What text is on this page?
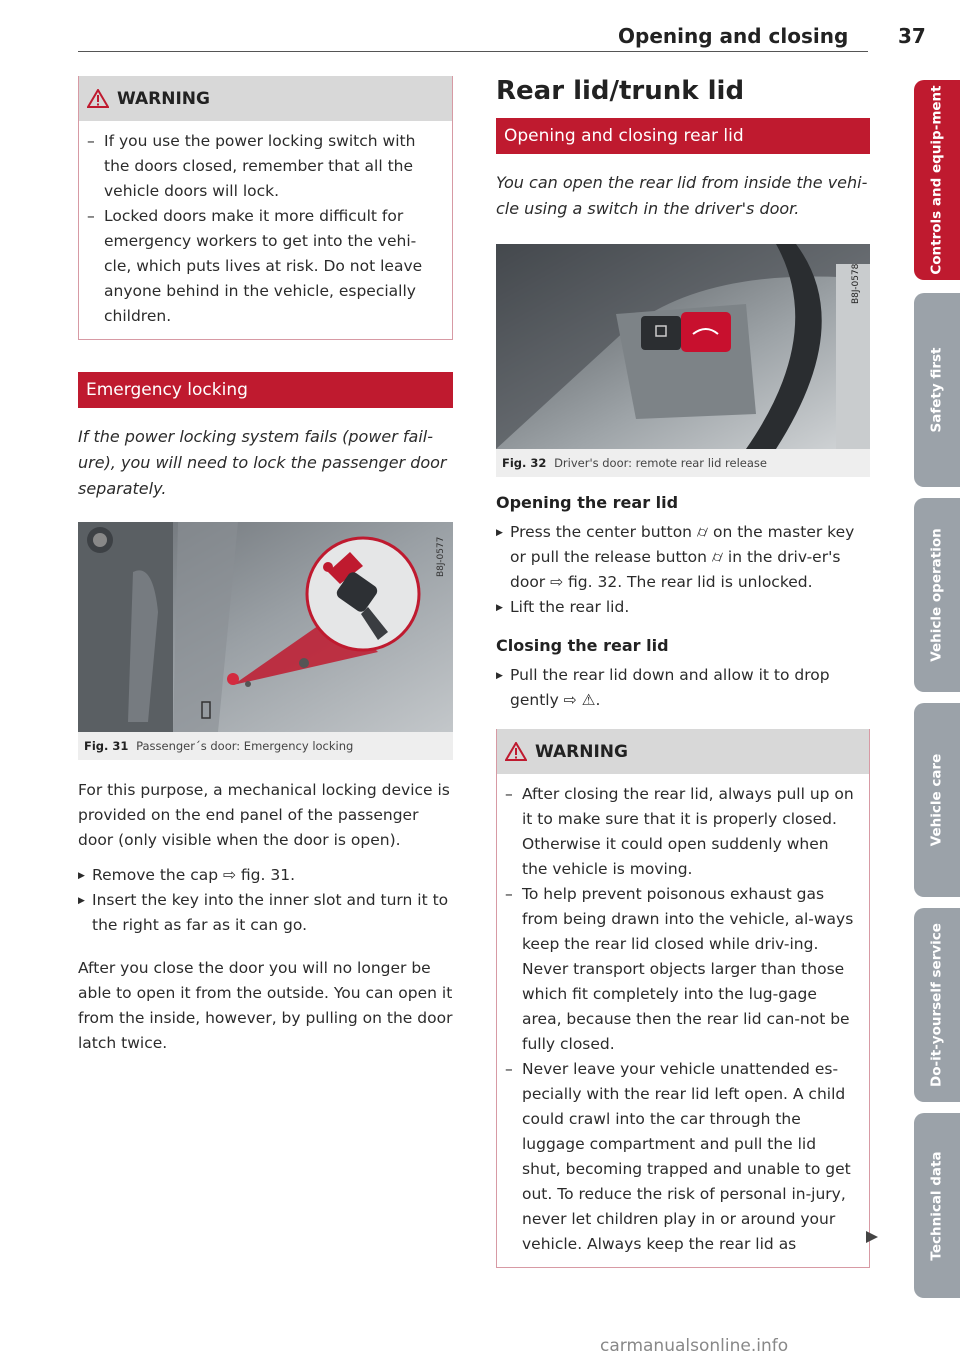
Opening and closing 37
WARNING
– If you use the power locking switch with the doors closed, remember that all the vehicle doors will lock.
– Locked doors make it more difficult for emergency workers to get into the vehi-cle, which puts lives at risk. Do not leave anyone behind in the vehicle, especially children.
Emergency locking

If the power locking system fails (power fail-ure), you will need to lock the passenger door separately.

B8J-0577
Fig. 31 Passenger´s door: Emergency locking

For this purpose, a mechanical locking device is provided on the end panel of the passenger door (only visible when the door is open).

▶ Remove the cap ⇨ fig. 31.
▶ Insert the key into the inner slot and turn it to the right as far as it can go.

After you close the door you will no longer be able to open it from the outside. You can open it from the inside, however, by pulling on the door latch twice.

Rear lid/trunk lid
Opening and closing rear lid

You can open the rear lid from inside the vehi-cle using a switch in the driver's door.

B8J-0578
Fig. 32 Driver's door: remote rear lid release
Opening the rear lid
▶ Press the center button ⌭ on the master key or pull the release button ⌭ in the driv-er's door ⇨ fig. 32. The rear lid is unlocked.
▶ Lift the rear lid.
Closing the rear lid
▶ Pull the rear lid down and allow it to drop gently ⇨ ⚠.
WARNING
– After closing the rear lid, always pull up on it to make sure that it is properly closed. Otherwise it could open suddenly when the vehicle is moving.
– To help prevent poisonous exhaust gas from being drawn into the vehicle, al-ways keep the rear lid closed while driv-ing. Never transport objects larger than those which fit completely into the lug-gage area, because then the rear lid can-not be fully closed.
– Never leave your vehicle unattended es-pecially with the rear lid left open. A child could crawl into the car through the luggage compartment and pull the lid shut, becoming trapped and unable to get out. To reduce the risk of personal in-jury, never let children play in or around your vehicle. Always keep the rear lid as
Controls and equip-ment
Safety first
Vehicle operation
Vehicle care
Do-it-yourself service
Technical data
carmanualsonline.info
